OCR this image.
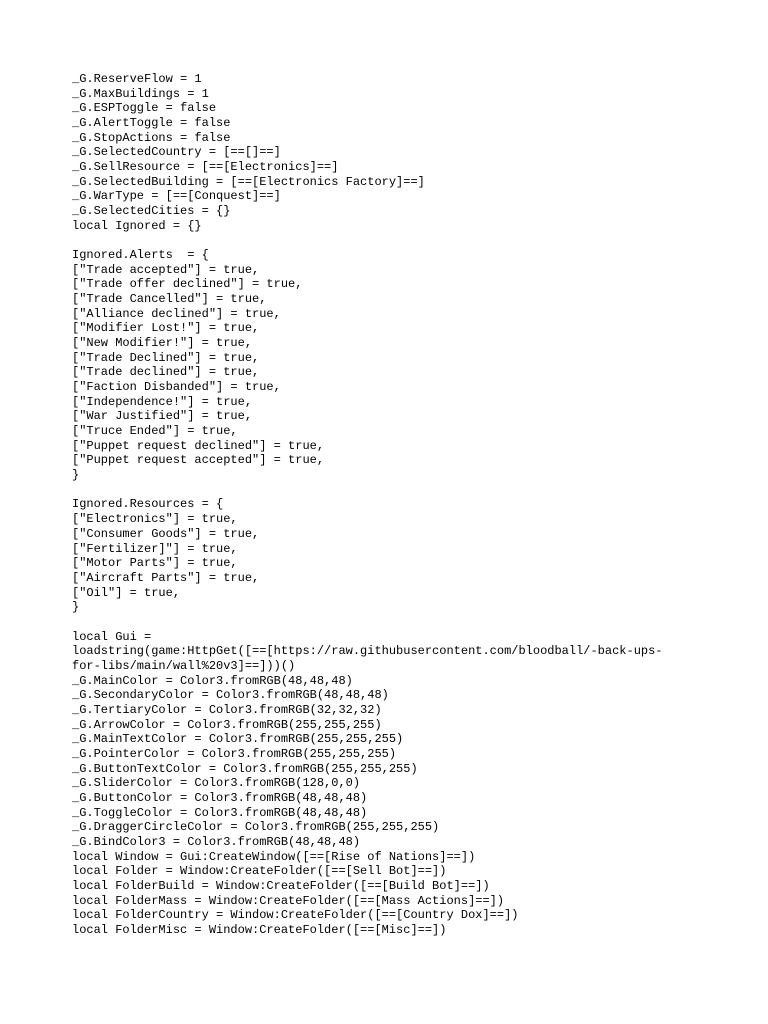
_G.ReserveFlow = 1
_G.MaxBuildings = 1
_G.ESPToggle = false
_G.AlertToggle = false
_G.StopActions = false
_G.SelectedCountry = [==[]==]
_G.SellResource = [==[Electronics]==]
_G.SelectedBuilding = [==[Electronics Factory]==]
_G.WarType = [==[Conquest]==]
_G.SelectedCities = {}
local Ignored = {}
Ignored.Alerts  = {
["Trade accepted"] = true,
["Trade offer declined"] = true,
["Trade Cancelled"] = true,
["Alliance declined"] = true,
["Modifier Lost!"] = true,
["New Modifier!"] = true,
["Trade Declined"] = true,
["Trade declined"] = true,
["Faction Disbanded"] = true,
["Independence!"] = true,
["War Justified"] = true,
["Truce Ended"] = true,
["Puppet request declined"] = true,
["Puppet request accepted"] = true,
}
Ignored.Resources = {
["Electronics"] = true,
["Consumer Goods"] = true,
["Fertilizer]"] = true,
["Motor Parts"] = true,
["Aircraft Parts"] = true,
["Oil"] = true,
}
local Gui =
loadstring(game:HttpGet([==[https://raw.githubusercontent.com/bloodball/-back-ups-
for-libs/main/wall%20v3]==]))()
_G.MainColor = Color3.fromRGB(48,48,48)
_G.SecondaryColor = Color3.fromRGB(48,48,48)
_G.TertiaryColor = Color3.fromRGB(32,32,32)
_G.ArrowColor = Color3.fromRGB(255,255,255)
_G.MainTextColor = Color3.fromRGB(255,255,255)
_G.PointerColor = Color3.fromRGB(255,255,255)
_G.ButtonTextColor = Color3.fromRGB(255,255,255)
_G.SliderColor = Color3.fromRGB(128,0,0)
_G.ButtonColor = Color3.fromRGB(48,48,48)
_G.ToggleColor = Color3.fromRGB(48,48,48)
_G.DraggerCircleColor = Color3.fromRGB(255,255,255)
_G.BindColor3 = Color3.fromRGB(48,48,48)
local Window = Gui:CreateWindow([==[Rise of Nations]==])
local Folder = Window:CreateFolder([==[Sell Bot]==])
local FolderBuild = Window:CreateFolder([==[Build Bot]==])
local FolderMass = Window:CreateFolder([==[Mass Actions]==])
local FolderCountry = Window:CreateFolder([==[Country Dox]==])
local FolderMisc = Window:CreateFolder([==[Misc]==])
